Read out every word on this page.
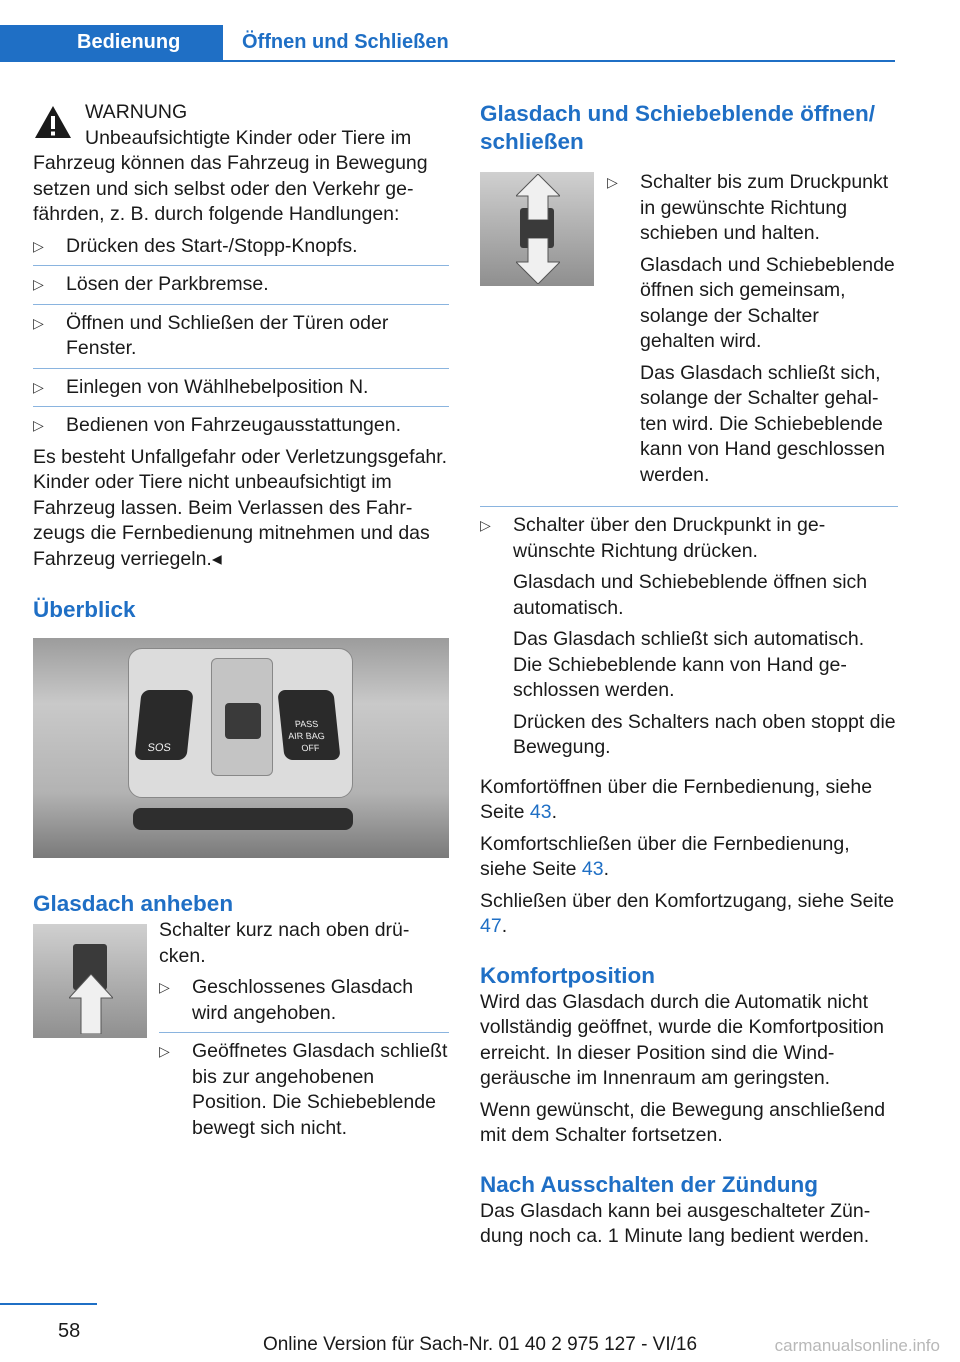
Bedienung	Öffnen und Schließen
WARNUNG
Unbeaufsichtigte Kinder oder Tiere im
Fahrzeug können das Fahrzeug in Bewegung setzen und sich selbst oder den Verkehr gefährden, z. B. durch folgende Handlungen:
▷ Drücken des Start-/Stopp-Knopfs.
▷ Lösen der Parkbremse.
▷ Öffnen und Schließen der Türen oder Fenster.
▷ Einlegen von Wählhebelposition N.
▷ Bedienen von Fahrzeugausstattungen.

Es besteht Unfallgefahr oder Verletzungsgefahr. Kinder oder Tiere nicht unbeaufsichtigt im Fahrzeug lassen. Beim Verlassen des Fahrzeugs die Fernbedienung mitnehmen und das Fahrzeug verriegeln.◂

Überblick
SOS
PASS
AIR BAG
OFF
Glasdach anheben
Schalter kurz nach oben drücken.
▷ Geschlossenes Glasdach wird angehoben.
▷ Geöffnetes Glasdach schließt bis zur angehobenen Position. Die Schiebeblende bewegt sich nicht.
Glasdach und Schiebeblende öffnen/ schließen
▷ Schalter bis zum Druckpunkt in gewünschte Richtung schieben und halten.

Glasdach und Schiebeblende öffnen sich gemeinsam, solange der Schalter gehalten wird.

Das Glasdach schließt sich, solange der Schalter gehalten wird. Die Schiebeblende kann von Hand geschlossen werden.

▷ Schalter über den Druckpunkt in gewünschte Richtung drücken.

Glasdach und Schiebeblende öffnen sich automatisch.

Das Glasdach schließt sich automatisch. Die Schiebeblende kann von Hand geschlossen werden.

Drücken des Schalters nach oben stoppt die Bewegung.

Komfortöffnen über die Fernbedienung, siehe Seite 43.

Komfortschließen über die Fernbedienung, siehe Seite 43.

Schließen über den Komfortzugang, siehe Seite 47.

Komfortposition
Wird das Glasdach durch die Automatik nicht vollständig geöffnet, wurde die Komfortposition erreicht. In dieser Position sind die Windgeräusche im Innenraum am geringsten.

Wenn gewünscht, die Bewegung anschließend mit dem Schalter fortsetzen.

Nach Ausschalten der Zündung
Das Glasdach kann bei ausgeschalteter Zündung noch ca. 1 Minute lang bedient werden.
58
Online Version für Sach-Nr. 01 40 2 975 127 - VI/16	carmanualsonline.info
